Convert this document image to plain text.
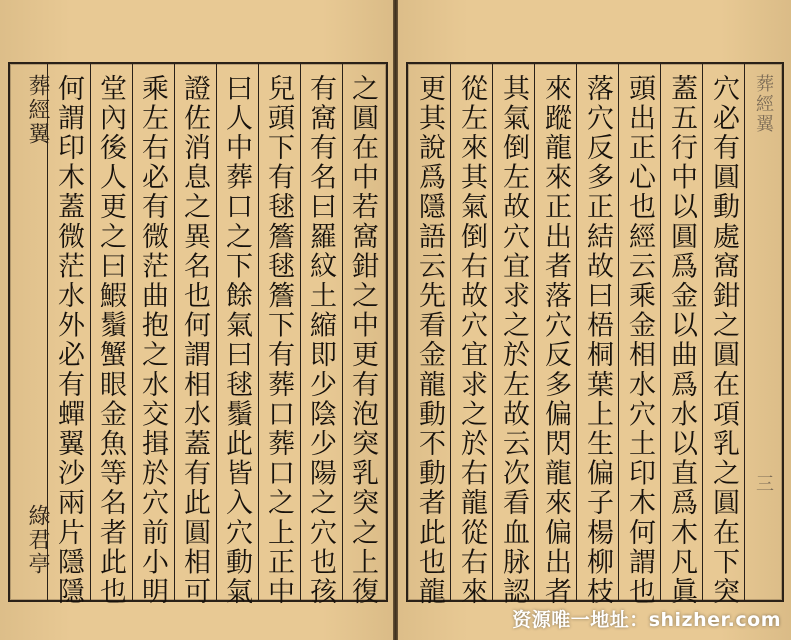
葬經翼
綠君亭	之圓在中若窩鉗之中更有泡突乳突之上復
有窩有名曰羅紋土縮即少陰少陽之穴也孩
兒頭下有毬簷毬簷下有葬口葬口之上正中
曰人中葬口之下餘氣曰毬鬚此皆入穴動氣
證佐消息之異名也何謂相水蓋有此圓相可
乘左右必有微茫曲抱之水交揖於穴前小明
堂內後人更之曰鰕鬚蟹眼金魚等名者此也
何謂印木蓋微茫水外必有蟬翼沙兩片隱隱	更其說爲隱語云先看金龍動不動者此也龍 從左來其氣倒右故穴宜求之於右龍從右來 其氣倒左故穴宜求之於左故云次看血脉認 來蹤龍來正出者落穴反多偏閃龍來偏出者 落穴反多正結故曰梧桐葉上生偏子楊柳枝 頭出正心也經云乘金相水穴土印木何謂也 蓋五行中以圓爲金以曲爲水以直爲木凡眞 穴必有圓動處窩鉗之圓在項乳之圓在下突 葬經翼
三
资源唯一地址：shizher.com
